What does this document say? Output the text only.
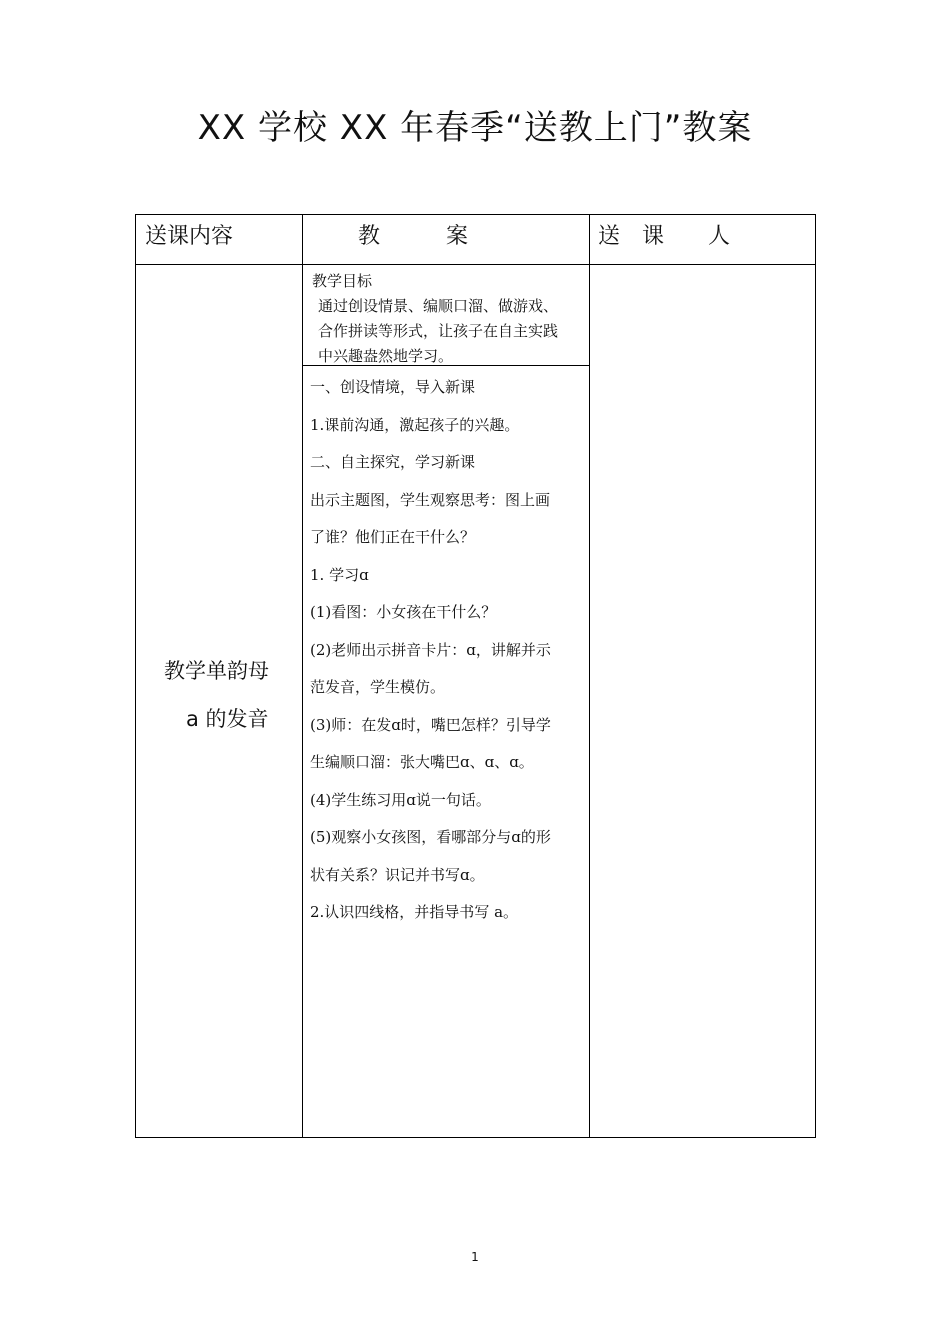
XX 学校 XX 年春季“送教上门”教案
送课内容	教　　　案	送　课　　人
教学单韵母
a 的发音
教学目标
通过创设情景、编顺口溜、做游戏、
合作拼读等形式，让孩子在自主实践
中兴趣盎然地学习。
一、创设情境，导入新课
1.课前沟通，激起孩子的兴趣。
二、自主探究，学习新课
出示主题图，学生观察思考：图上画
了谁？他们正在干什么？
1. 学习ɑ
(1)看图：小女孩在干什么？
(2)老师出示拼音卡片：ɑ，讲解并示
范发音，学生模仿。
(3)师：在发ɑ时，嘴巴怎样？引导学
生编顺口溜：张大嘴巴ɑ、ɑ、ɑ。
(4)学生练习用ɑ说一句话。
(5)观察小女孩图，看哪部分与ɑ的形
状有关系？识记并书写ɑ。
2.认识四线格，并指导书写 a。
1
